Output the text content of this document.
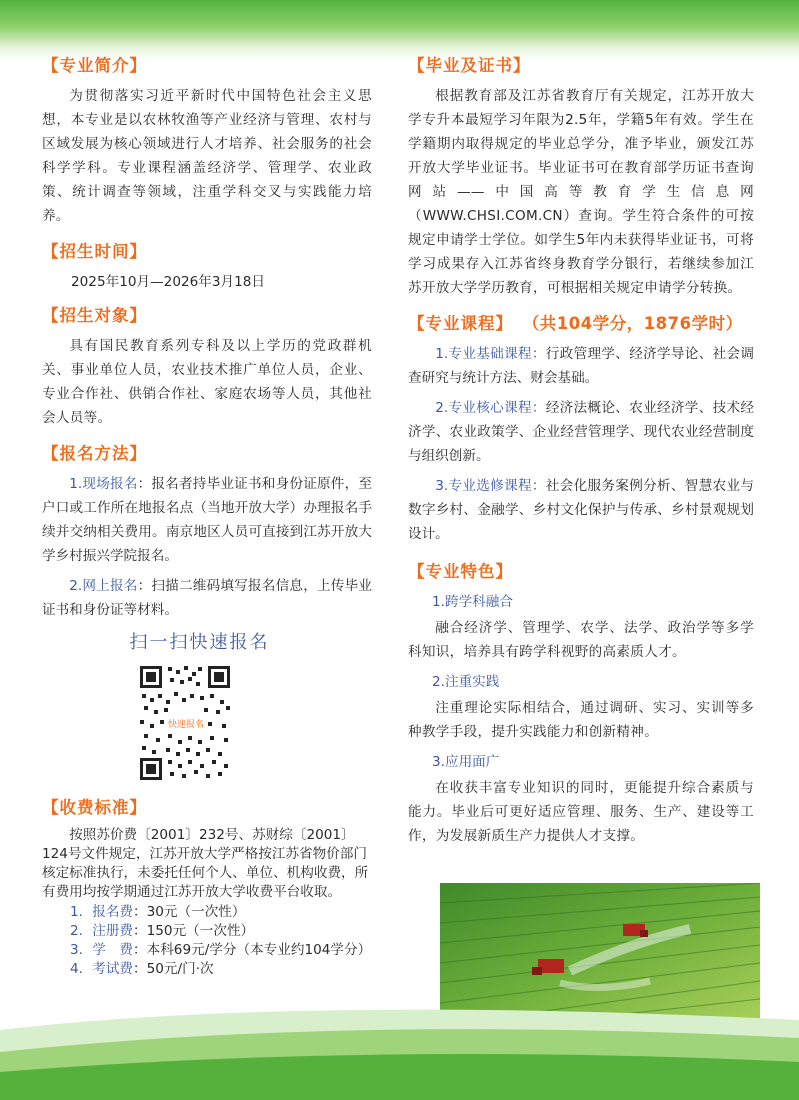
【专业简介】

为贯彻落实习近平新时代中国特色社会主义思想，本专业是以农林牧渔等产业经济与管理、农村与区域发展为核心领域进行人才培养、社会服务的社会科学学科。专业课程涵盖经济学、管理学、农业政策、统计调查等领域，注重学科交叉与实践能力培养。

【招生时间】
2025年10月—2026年3月18日
【招生对象】

具有国民教育系列专科及以上学历的党政群机关、事业单位人员，农业技术推广单位人员，企业、专业合作社、供销合作社、家庭农场等人员，其他社会人员等。

【报名方法】

1.现场报名：报名者持毕业证书和身份证原件，至户口或工作所在地报名点（当地开放大学）办理报名手续并交纳相关费用。南京地区人员可直接到江苏开放大学乡村振兴学院报名。

2.网上报名：扫描二维码填写报名信息，上传毕业证书和身份证等材料。

扫一扫快速报名
快速报名
【收费标准】

按照苏价费〔2001〕232号、苏财综〔2001〕124号文件规定，江苏开放大学严格按江苏省物价部门核定标准执行，未委托任何个人、单位、机构收费，所有费用均按学期通过江苏开放大学收费平台收取。

1．报名费：30元（一次性）

2．注册费：150元（一次性）

3．学　费：本科69元/学分（本专业约104学分）

4．考试费：50元/门·次

【毕业及证书】

根据教育部及江苏省教育厅有关规定，江苏开放大学专升本最短学习年限为2.5年，学籍5年有效。学生在学籍期内取得规定的毕业总学分，准予毕业，颁发江苏开放大学毕业证书。毕业证书可在教育部学历证书查询网站——中国高等教育学生信息网（WWW.CHSI.COM.CN）查询。学生符合条件的可按规定申请学士学位。如学生5年内未获得毕业证书，可将学习成果存入江苏省终身教育学分银行，若继续参加江苏开放大学学历教育，可根据相关规定申请学分转换。

【专业课程】 （共104学分，1876学时）

1.专业基础课程：行政管理学、经济学导论、社会调查研究与统计方法、财会基础。

2.专业核心课程：经济法概论、农业经济学、技术经济学、农业政策学、企业经营管理学、现代农业经营制度与组织创新。

3.专业选修课程：社会化服务案例分析、智慧农业与数字乡村、金融学、乡村文化保护与传承、乡村景观规划设计。

【专业特色】
1.跨学科融合

融合经济学、管理学、农学、法学、政治学等多学科知识，培养具有跨学科视野的高素质人才。

2.注重实践

注重理论实际相结合，通过调研、实习、实训等多种教学手段，提升实践能力和创新精神。

3.应用面广

在收获丰富专业知识的同时，更能提升综合素质与能力。毕业后可更好适应管理、服务、生产、建设等工作，为发展新质生产力提供人才支撑。
